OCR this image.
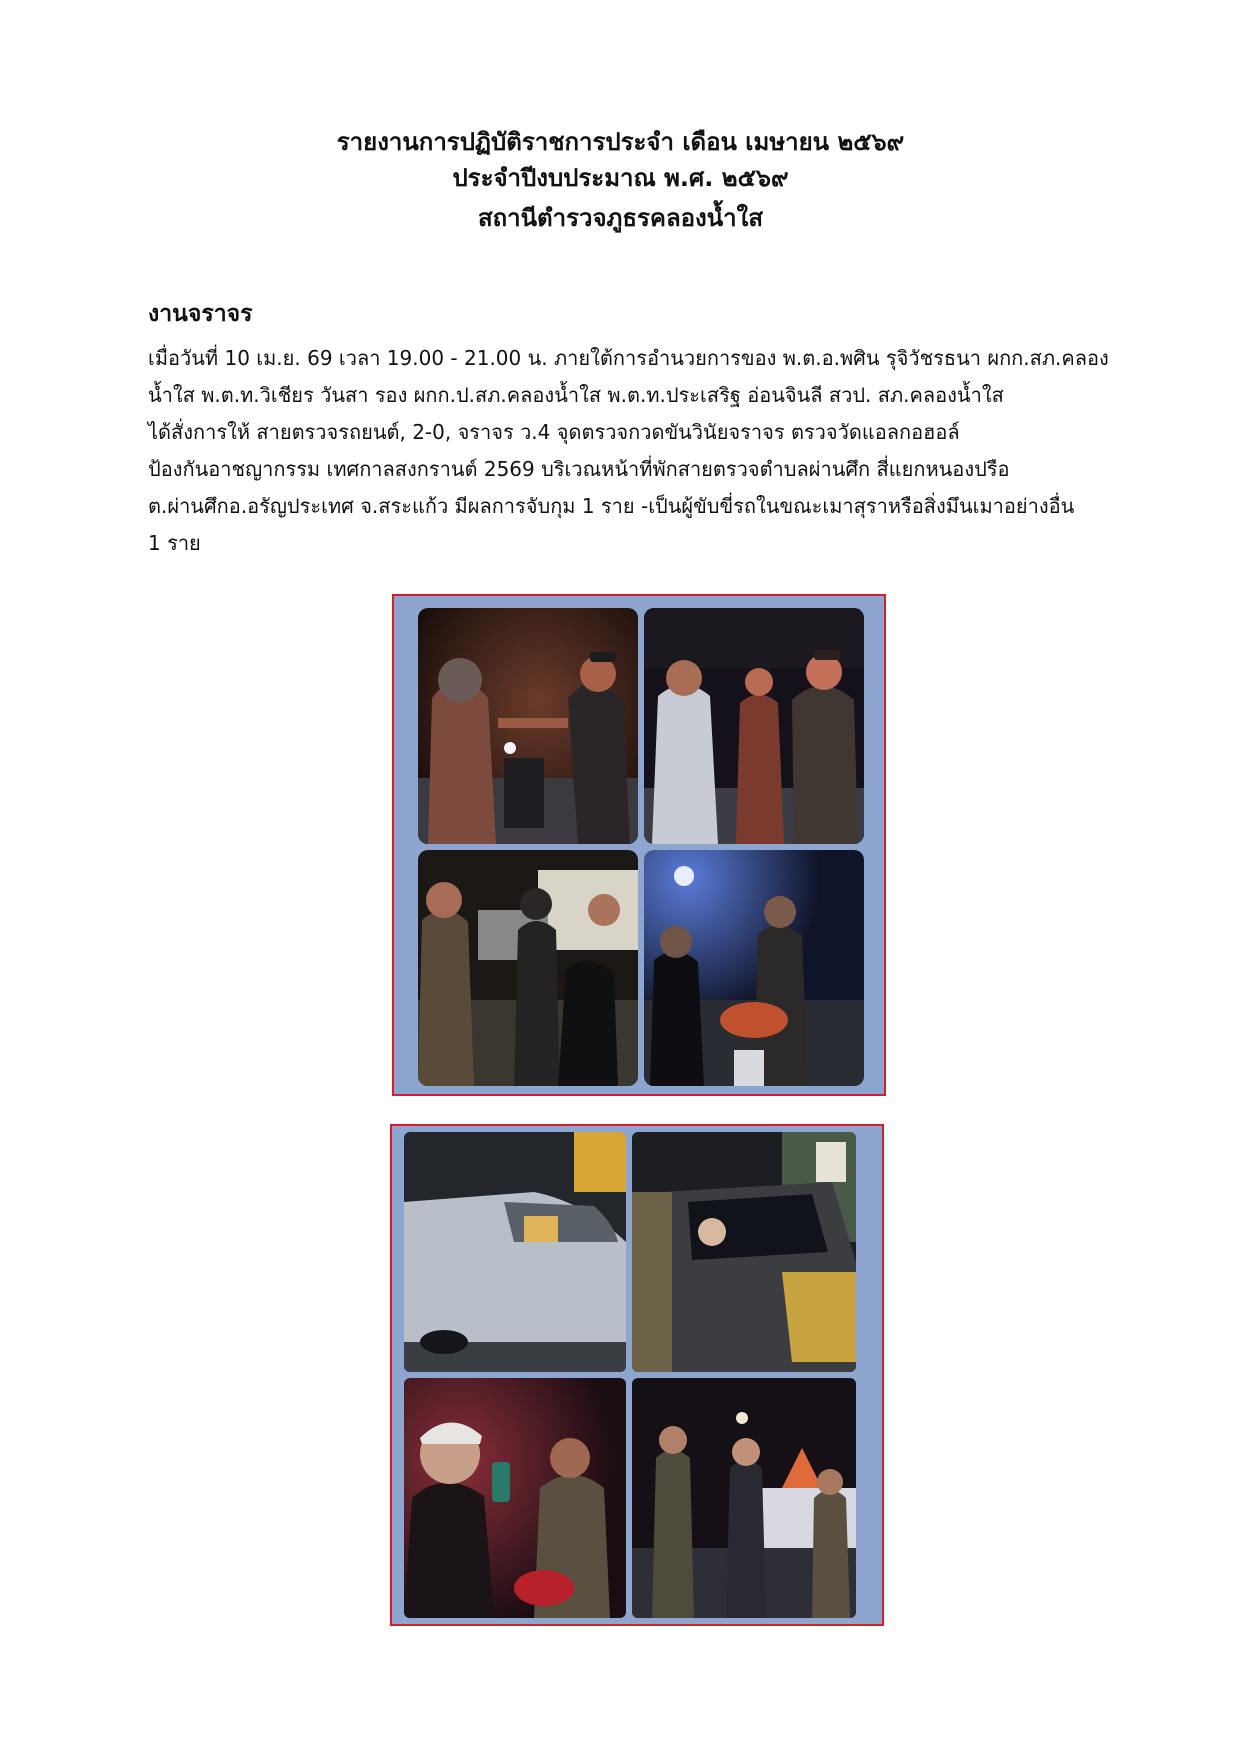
รายงานการปฏิบัติราชการประจำ เดือน เมษายน ๒๕๖๙
ประจำปีงบประมาณ พ.ศ. ๒๕๖๙
สถานีตำรวจภูธรคลองน้ำใส
งานจราจร
เมื่อวันที่ 10 เม.ย. 69 เวลา 19.00 - 21.00 น. ภายใต้การอำนวยการของ พ.ต.อ.พศิน รุจิวัชรธนา ผกก.สภ.คลอง
น้ำใส พ.ต.ท.วิเชียร วันสา รอง ผกก.ป.สภ.คลองน้ำใส พ.ต.ท.ประเสริฐ อ่อนจินลี สวป. สภ.คลองน้ำใส
ได้สั่งการให้ สายตรวจรถยนต์, 2-0, จราจร ว.4 จุดตรวจกวดขันวินัยจราจร ตรวจวัดแอลกอฮอล์
ป้องกันอาชญากรรม เทศกาลสงกรานต์ 2569 บริเวณหน้าที่พักสายตรวจตำบลผ่านศึก สี่แยกหนองปรือ
ต.ผ่านศึกอ.อรัญประเทศ จ.สระแก้ว มีผลการจับกุม 1 ราย -เป็นผู้ขับขี่รถในขณะเมาสุราหรือสิ่งมึนเมาอย่างอื่น
1 ราย
